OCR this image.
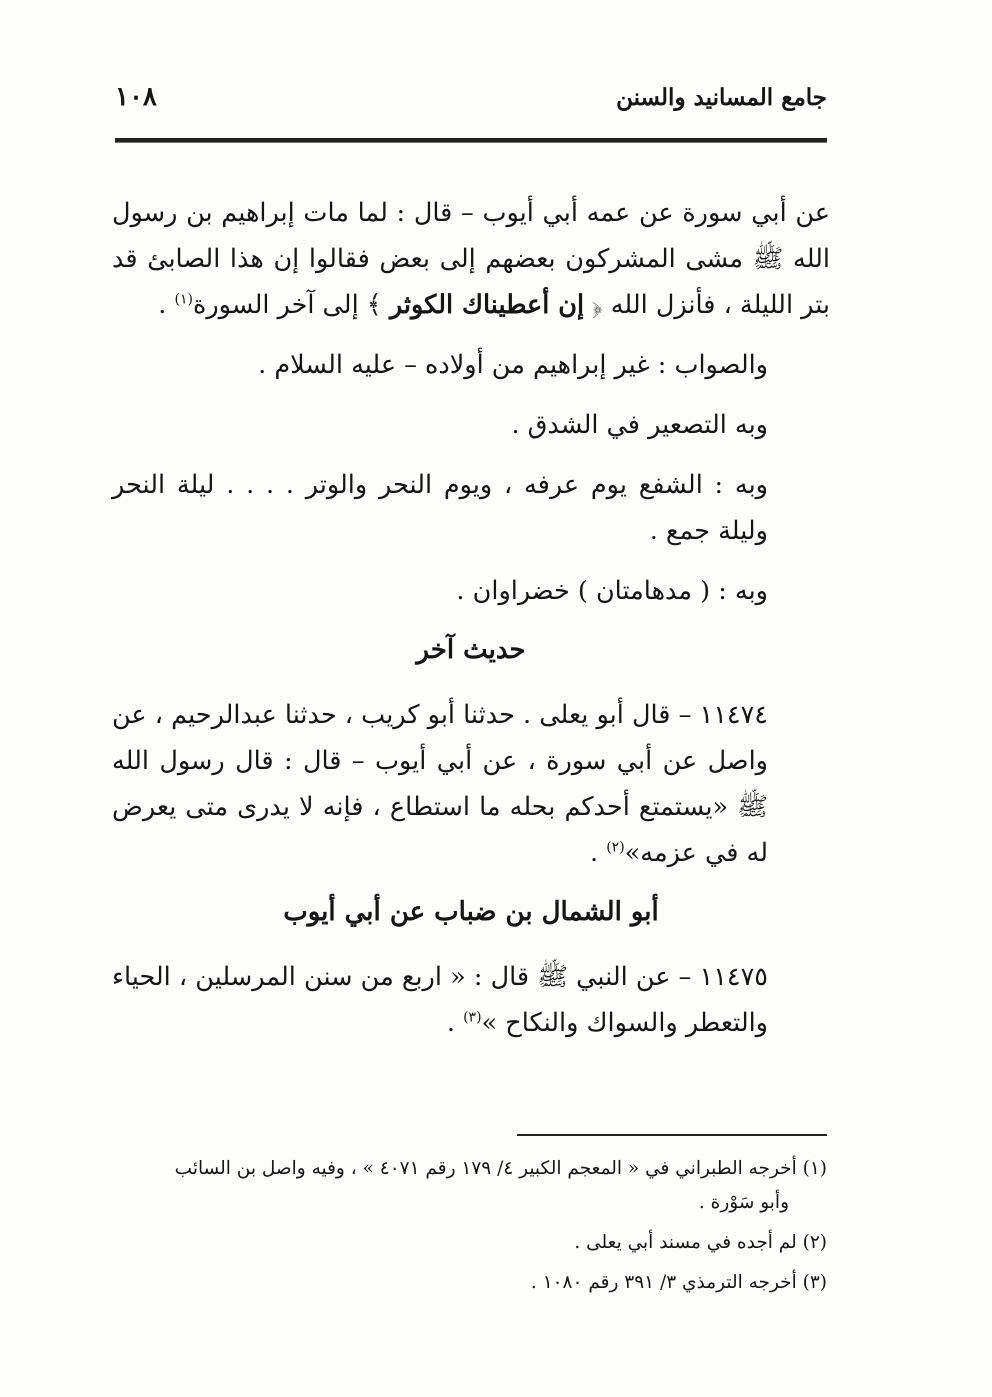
جامع المسانيد والسنن
١٠٨

عن أبي سورة عن عمه أبي أيوب – قال : لما مات إبراهيم بن رسول الله ﷺ مشى المشركون بعضهم إلى بعض فقالوا إن هذا الصابئ قد بتر الليلة ، فأنزل الله ﴿ إن أعطيناك الكوثر ﴾ إلى آخر السورة$^{(١)}$ .

والصواب : غير إبراهيم من أولاده – عليه السلام .

وبه التصعير في الشدق .

وبه : الشفع يوم عرفه ، ويوم النحر والوتر . . . . ليلة النحر وليلة جمع .

وبه : ( مدهامتان ) خضراوان .

حديث آخر

١١٤٧٤ – قال أبو يعلى . حدثنا أبو كريب ، حدثنا عبدالرحيم ، عن واصل عن أبي سورة ، عن أبي أيوب – قال : قال رسول الله ﷺ «يستمتع أحدكم بحله ما استطاع ، فإنه لا يدرى متى يعرض له في عزمه»$^{(٢)}$ .

أبو الشمال بن ضباب عن أبي أيوب

١١٤٧٥ – عن النبي ﷺ قال : « اربع من سنن المرسلين ، الحياء والتعطر والسواك والنكاح »$^{(٣)}$ .

(١) أخرجه الطبراني في « المعجم الكبير ٤/ ١٧٩ رقم ٤٠٧١ » ، وفيه واصل بن السائب
وأبو سَوْرة .

(٢) لم أجده في مسند أبي يعلى .

(٣) أخرجه الترمذي ٣/ ٣٩١ رقم ١٠٨٠ .
